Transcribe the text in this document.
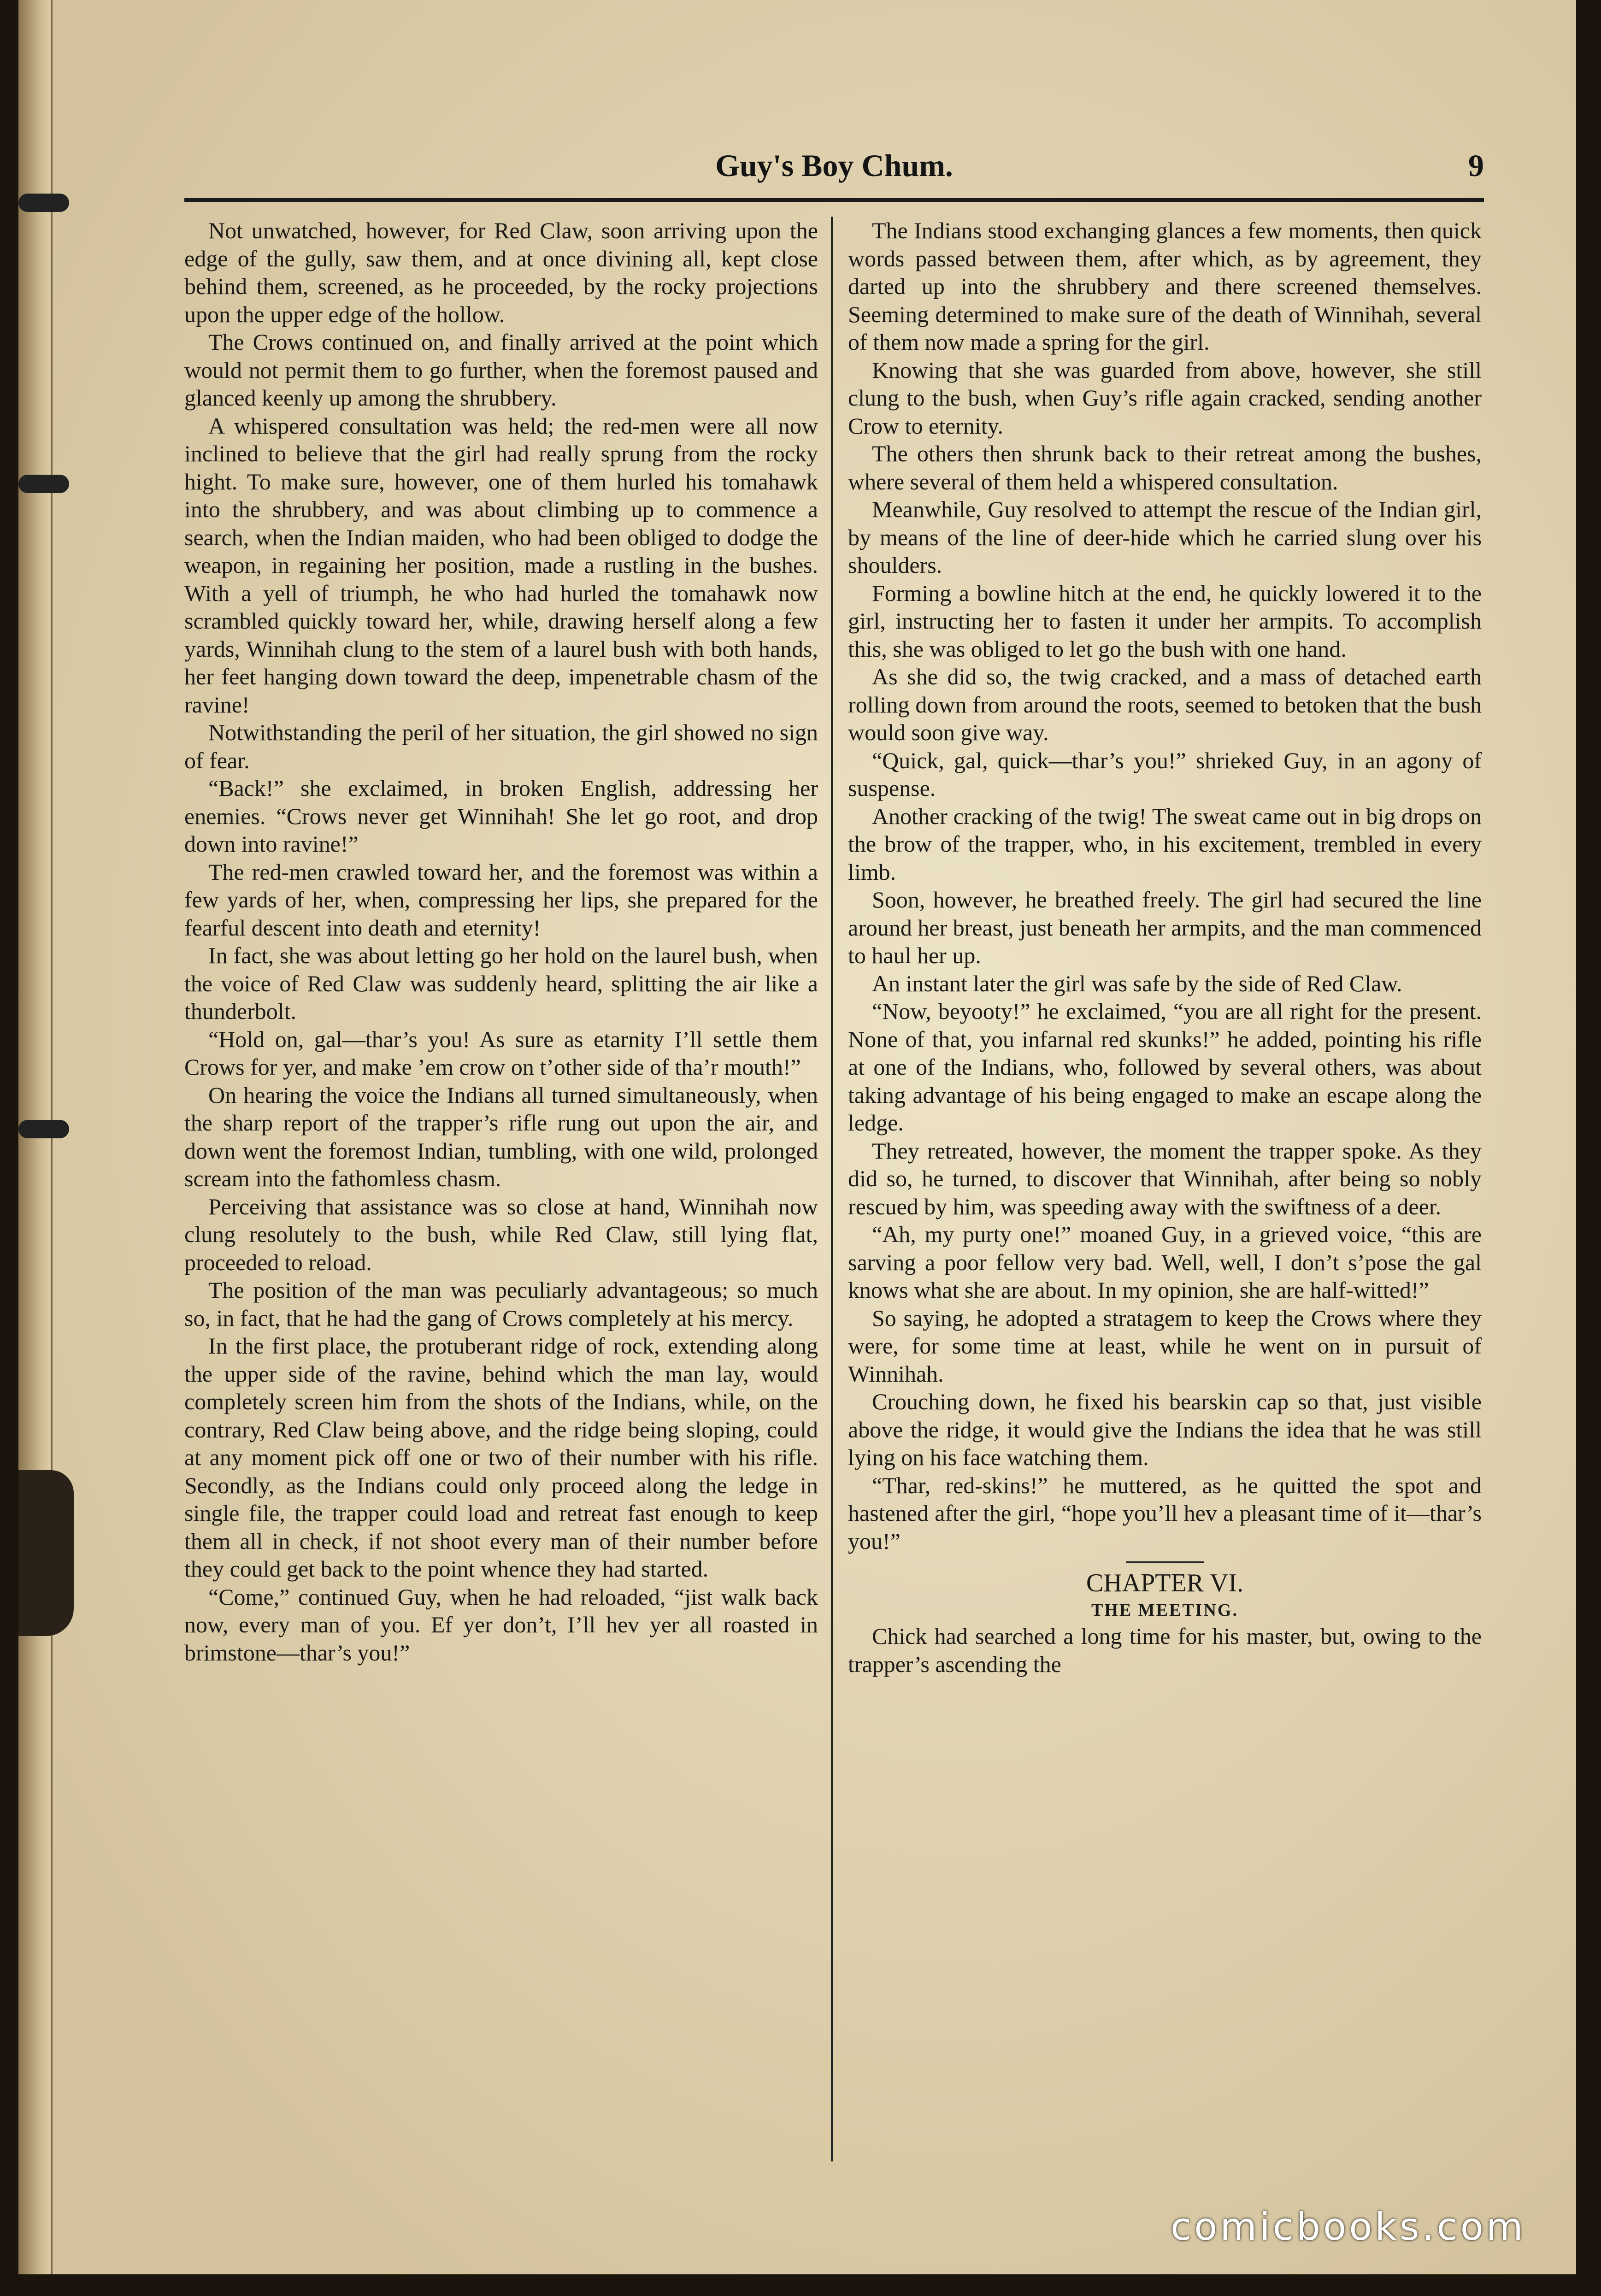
Guy's Boy Chum.	9

Not unwatched, however, for Red Claw, soon arriving upon the edge of the gully, saw them, and at once divining all, kept close behind them, screened, as he proceeded, by the rocky projections upon the upper edge of the hollow.

The Crows continued on, and finally arrived at the point which would not permit them to go further, when the foremost paused and glanced keenly up among the shrubbery.

A whispered consultation was held; the red-men were all now inclined to believe that the girl had really sprung from the rocky hight. To make sure, however, one of them hurled his tomahawk into the shrubbery, and was about climbing up to commence a search, when the Indian maiden, who had been obliged to dodge the weapon, in regaining her position, made a rustling in the bushes. With a yell of triumph, he who had hurled the tomahawk now scrambled quickly toward her, while, drawing herself along a few yards, Winnihah clung to the stem of a laurel bush with both hands, her feet hanging down toward the deep, impenetrable chasm of the ravine!

Notwithstanding the peril of her situation, the girl showed no sign of fear.

“Back!” she exclaimed, in broken English, addressing her enemies. “Crows never get Winnihah! She let go root, and drop down into ravine!”

The red-men crawled toward her, and the foremost was within a few yards of her, when, compressing her lips, she prepared for the fearful descent into death and eternity!

In fact, she was about letting go her hold on the laurel bush, when the voice of Red Claw was suddenly heard, splitting the air like a thunderbolt.

“Hold on, gal—thar’s you! As sure as etarnity I’ll settle them Crows for yer, and make ’em crow on t’other side of tha’r mouth!”

On hearing the voice the Indians all turned simultaneously, when the sharp report of the trapper’s rifle rung out upon the air, and down went the foremost Indian, tumbling, with one wild, prolonged scream into the fathomless chasm.

Perceiving that assistance was so close at hand, Winnihah now clung resolutely to the bush, while Red Claw, still lying flat, proceeded to reload.

The position of the man was peculiarly advantageous; so much so, in fact, that he had the gang of Crows completely at his mercy.

In the first place, the protuberant ridge of rock, extending along the upper side of the ravine, behind which the man lay, would completely screen him from the shots of the Indians, while, on the contrary, Red Claw being above, and the ridge being sloping, could at any moment pick off one or two of their number with his rifle. Secondly, as the Indians could only proceed along the ledge in single file, the trapper could load and retreat fast enough to keep them all in check, if not shoot every man of their number before they could get back to the point whence they had started.

“Come,” continued Guy, when he had reloaded, “jist walk back now, every man of you. Ef yer don’t, I’ll hev yer all roasted in brimstone—thar’s you!”

The Indians stood exchanging glances a few moments, then quick words passed between them, after which, as by agreement, they darted up into the shrubbery and there screened themselves. Seeming determined to make sure of the death of Winnihah, several of them now made a spring for the girl.

Knowing that she was guarded from above, however, she still clung to the bush, when Guy’s rifle again cracked, sending another Crow to eternity.

The others then shrunk back to their retreat among the bushes, where several of them held a whispered consultation.

Meanwhile, Guy resolved to attempt the rescue of the Indian girl, by means of the line of deer-hide which he carried slung over his shoulders.

Forming a bowline hitch at the end, he quickly lowered it to the girl, instructing her to fasten it under her armpits. To accomplish this, she was obliged to let go the bush with one hand.

As she did so, the twig cracked, and a mass of detached earth rolling down from around the roots, seemed to betoken that the bush would soon give way.

“Quick, gal, quick—thar’s you!” shrieked Guy, in an agony of suspense.

Another cracking of the twig! The sweat came out in big drops on the brow of the trapper, who, in his excitement, trembled in every limb.

Soon, however, he breathed freely. The girl had secured the line around her breast, just beneath her armpits, and the man commenced to haul her up.

An instant later the girl was safe by the side of Red Claw.

“Now, beyooty!” he exclaimed, “you are all right for the present. None of that, you infarnal red skunks!” he added, pointing his rifle at one of the Indians, who, followed by several others, was about taking advantage of his being engaged to make an escape along the ledge.

They retreated, however, the moment the trapper spoke. As they did so, he turned, to discover that Winnihah, after being so nobly rescued by him, was speeding away with the swiftness of a deer.

“Ah, my purty one!” moaned Guy, in a grieved voice, “this are sarving a poor fellow very bad. Well, well, I don’t s’pose the gal knows what she are about. In my opinion, she are half-witted!”

So saying, he adopted a stratagem to keep the Crows where they were, for some time at least, while he went on in pursuit of Winnihah.

Crouching down, he fixed his bearskin cap so that, just visible above the ridge, it would give the Indians the idea that he was still lying on his face watching them.

“Thar, red-skins!” he muttered, as he quitted the spot and hastened after the girl, “hope you’ll hev a pleasant time of it—thar’s you!”

CHAPTER VI.
THE MEETING.

Chick had searched a long time for his master, but, owing to the trapper’s ascending the

comicbooks.com
